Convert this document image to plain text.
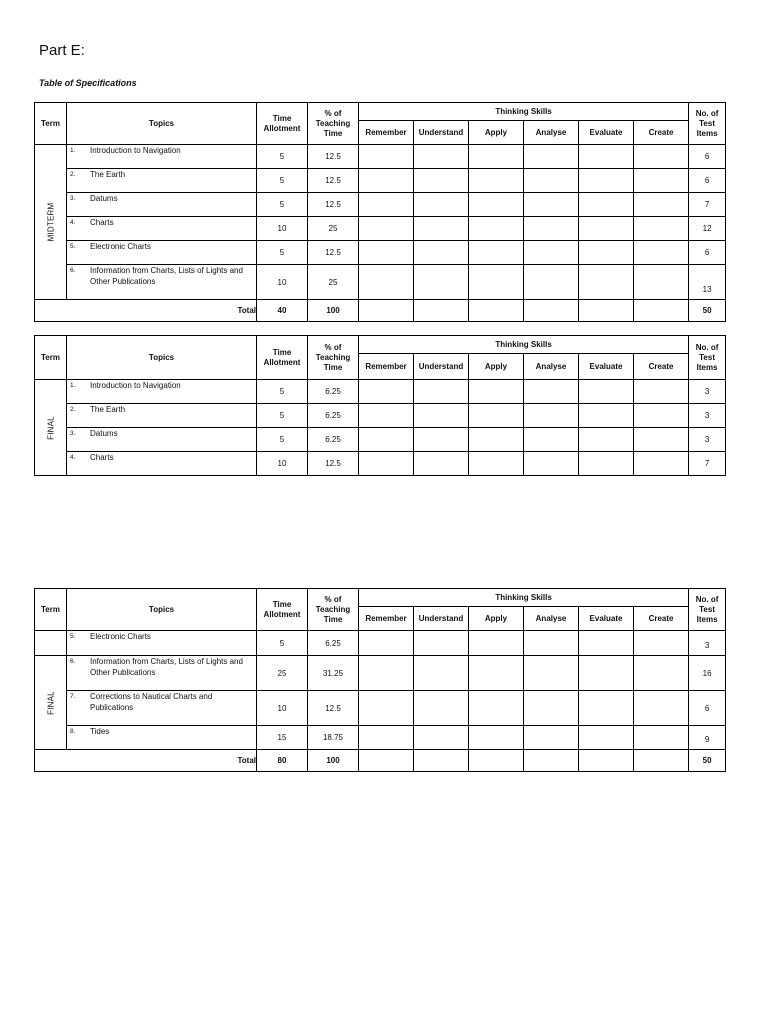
Part E:
Table of Specifications
Term	Topics	Time Allotment	% of Teaching Time	Thinking Skills						No. of Test Items
				Remember	Understand	Apply	Analyse	Evaluate	Create	

MIDTERM	1. Introduction to Navigation	5	12.5							6
	2. The Earth	5	12.5							6
	3. Datums	5	12.5							7
	4. Charts	10	25							12
	5. Electronic Charts	5	12.5							6
	6. Information from Charts, Lists of Lights and Other Publications	10	25							13
Total		40	100							50
Term	Topics	Time Allotment	% of Teaching Time	Thinking Skills						No. of Test Items
				Remember	Understand	Apply	Analyse	Evaluate	Create	

FINAL	1. Introduction to Navigation	5	6.25							3
	2. The Earth	5	6.25							3
	3. Datums	5	6.25							3
	4. Charts	10	12.5							7
Term	Topics	Time Allotment	% of Teaching Time	Thinking Skills						No. of Test Items
				Remember	Understand	Apply	Analyse	Evaluate	Create	
	5. Electronic Charts	5	6.25							3

FINAL	6. Information from Charts, Lists of Lights and Other Publications	25	31.25							16
	7. Corrections to Nautical Charts and Publications	10	12.5							6
	8. Tides	15	18.75							9
Total		80	100							50
